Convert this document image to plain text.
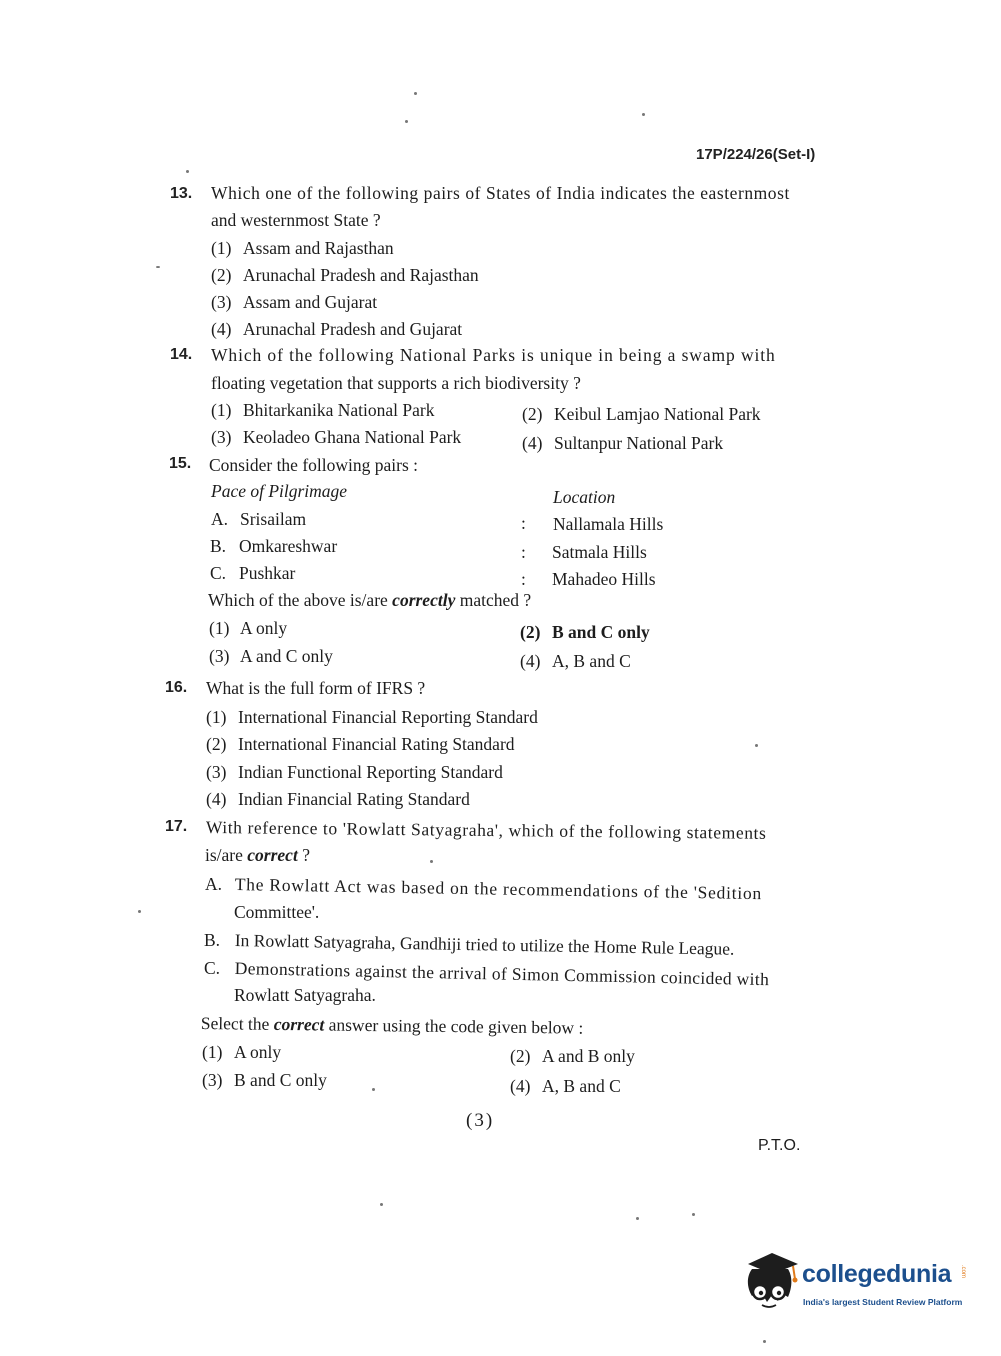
17P/224/26(Set-I)
13. Which one of the following pairs of States of India indicates the easternmost
and westernmost State ?
(1) Assam and Rajasthan
(2) Arunachal Pradesh and Rajasthan
(3) Assam and Gujarat
(4) Arunachal Pradesh and Gujarat
14. Which of the following National Parks is unique in being a swamp with
floating vegetation that supports a rich biodiversity ?
(1) Bhitarkanika National Park	(2) Keibul Lamjao National Park
(3) Keoladeo Ghana National Park	(4) Sultanpur National Park
15. Consider the following pairs :
Pace of Pilgrimage	Location
A. Srisailam	: Nallamala Hills
B. Omkareshwar	: Satmala Hills
C. Pushkar	: Mahadeo Hills
Which of the above is/are correctly matched ?
(1) A only	(2) B and C only
(3) A and C only	(4) A, B and C
16. What is the full form of IFRS ?
(1) International Financial Reporting Standard
(2) International Financial Rating Standard
(3) Indian Functional Reporting Standard
(4) Indian Financial Rating Standard
17. With reference to 'Rowlatt Satyagraha', which of the following statements
is/are correct ?
A. The Rowlatt Act was based on the recommendations of the 'Sedition
Committee'.
B. In Rowlatt Satyagraha, Gandhiji tried to utilize the Home Rule League.
C. Demonstrations against the arrival of Simon Commission coincided with
Rowlatt Satyagraha.
Select the correct answer using the code given below :
(1) A only	(2) A and B only
(3) B and C only	(4) A, B and C
(3)
P.T.O.
collegedunia .com
India's largest Student Review Platform
